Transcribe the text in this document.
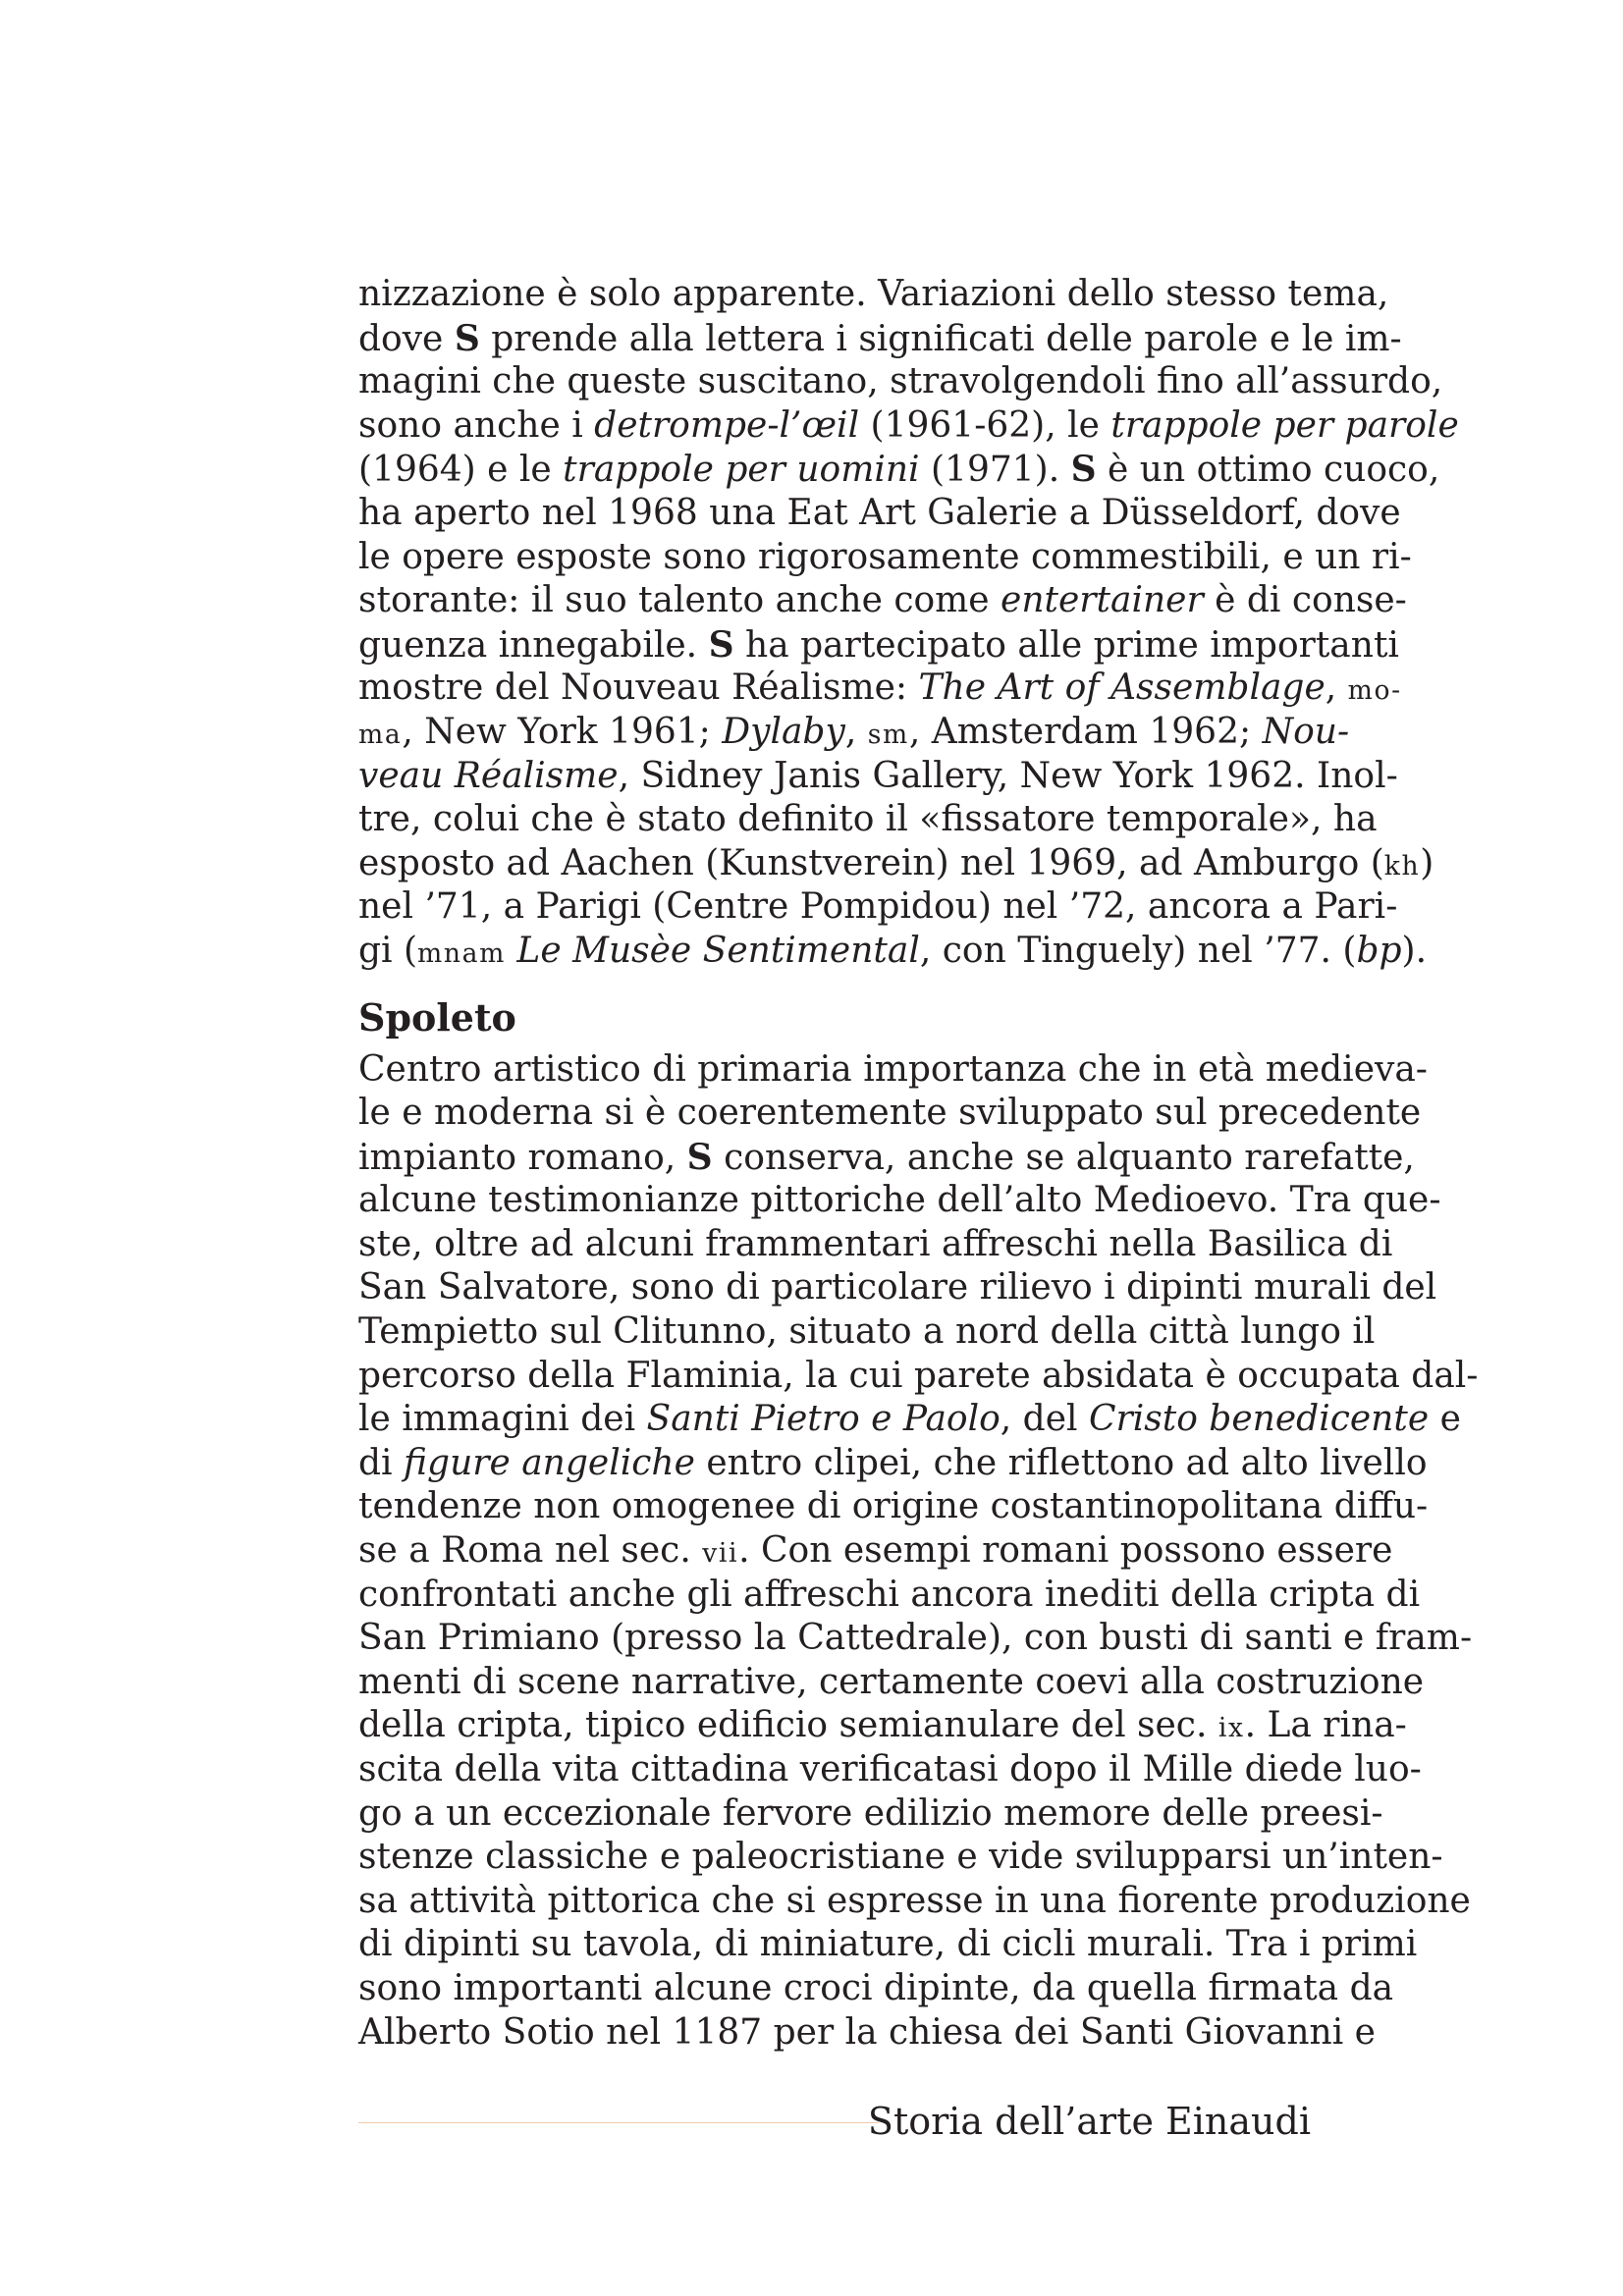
nizzazione è solo apparente. Variazioni dello stesso tema,
dove S prende alla lettera i significati delle parole e le im-
magini che queste suscitano, stravolgendoli fino all’assurdo,
sono anche i detrompe-l’œil (1961-62), le trappole per parole
(1964) e le trappole per uomini (1971). S è un ottimo cuoco,
ha aperto nel 1968 una Eat Art Galerie a Düsseldorf, dove
le opere esposte sono rigorosamente commestibili, e un ri-
storante: il suo talento anche come entertainer è di conse-
guenza innegabile. S ha partecipato alle prime importanti
mostre del Nouveau Réalisme: The Art of Assemblage, mo-
ma, New York 1961; Dylaby, sm, Amsterdam 1962; Nou-
veau Réalisme, Sidney Janis Gallery, New York 1962. Inol-
tre, colui che è stato definito il «fissatore temporale», ha
esposto ad Aachen (Kunstverein) nel 1969, ad Amburgo (kh)
nel ’71, a Parigi (Centre Pompidou) nel ’72, ancora a Pari-
gi (mnam Le Musèe Sentimental, con Tinguely) nel ’77. (bp).
Spoleto
Centro artistico di primaria importanza che in età medieva-
le e moderna si è coerentemente sviluppato sul precedente
impianto romano, S conserva, anche se alquanto rarefatte,
alcune testimonianze pittoriche dell’alto Medioevo. Tra que-
ste, oltre ad alcuni frammentari affreschi nella Basilica di
San Salvatore, sono di particolare rilievo i dipinti murali del
Tempietto sul Clitunno, situato a nord della città lungo il
percorso della Flaminia, la cui parete absidata è occupata dal-
le immagini dei Santi Pietro e Paolo, del Cristo benedicente e
di figure angeliche entro clipei, che riflettono ad alto livello
tendenze non omogenee di origine costantinopolitana diffu-
se a Roma nel sec. vii. Con esempi romani possono essere
confrontati anche gli affreschi ancora inediti della cripta di
San Primiano (presso la Cattedrale), con busti di santi e fram-
menti di scene narrative, certamente coevi alla costruzione
della cripta, tipico edificio semianulare del sec. ix. La rina-
scita della vita cittadina verificatasi dopo il Mille diede luo-
go a un eccezionale fervore edilizio memore delle preesi-
stenze classiche e paleocristiane e vide svilupparsi un’inten-
sa attività pittorica che si espresse in una fiorente produzione
di dipinti su tavola, di miniature, di cicli murali. Tra i primi
sono importanti alcune croci dipinte, da quella firmata da
Alberto Sotio nel 1187 per la chiesa dei Santi Giovanni e
Storia dell’arte Einaudi
